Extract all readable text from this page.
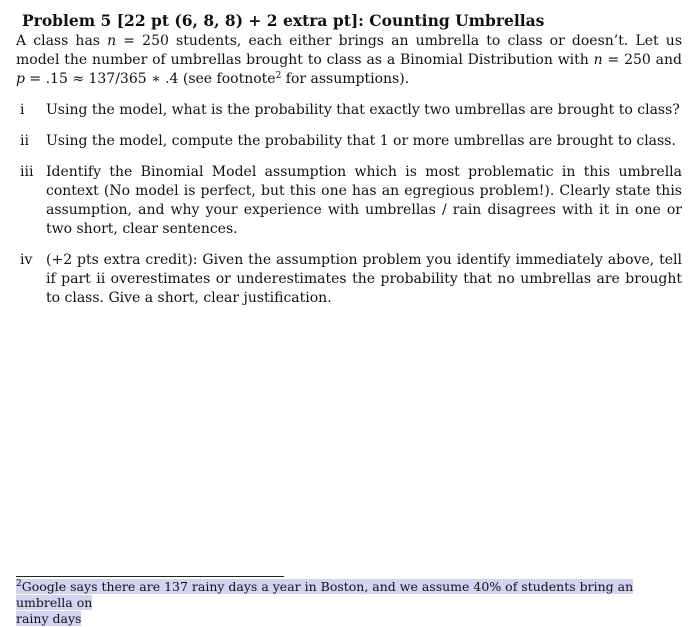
Problem 5 [22 pt (6, 8, 8) + 2 extra pt]: Counting Umbrellas

A class has n = 250 students, each either brings an umbrella to class or doesn’t. Let us model the number of umbrellas brought to class as a Binomial Distribution with n = 250 and p = .15 ≈ 137/365 ∗ .4 (see footnote$^2$ for assumptions).

i	Using the model, what is the probability that exactly two umbrellas are brought to class?
ii	Using the model, compute the probability that 1 or more umbrellas are brought to class.
iii Identify the Binomial Model assumption which is most problematic in this umbrella context (No model is perfect, but this one has an egregious problem!). Clearly state this assumption, and why your experience with umbrellas / rain disagrees with it in one or two short, clear sentences.
iv (+2 pts extra credit): Given the assumption problem you identify immediately above, tell if part ii overestimates or underestimates the probability that no umbrellas are brought to class. Give a short, clear justification.
$^2$Google says there are 137 rainy days a year in Boston, and we assume 40% of students bring an umbrella on
rainy days
